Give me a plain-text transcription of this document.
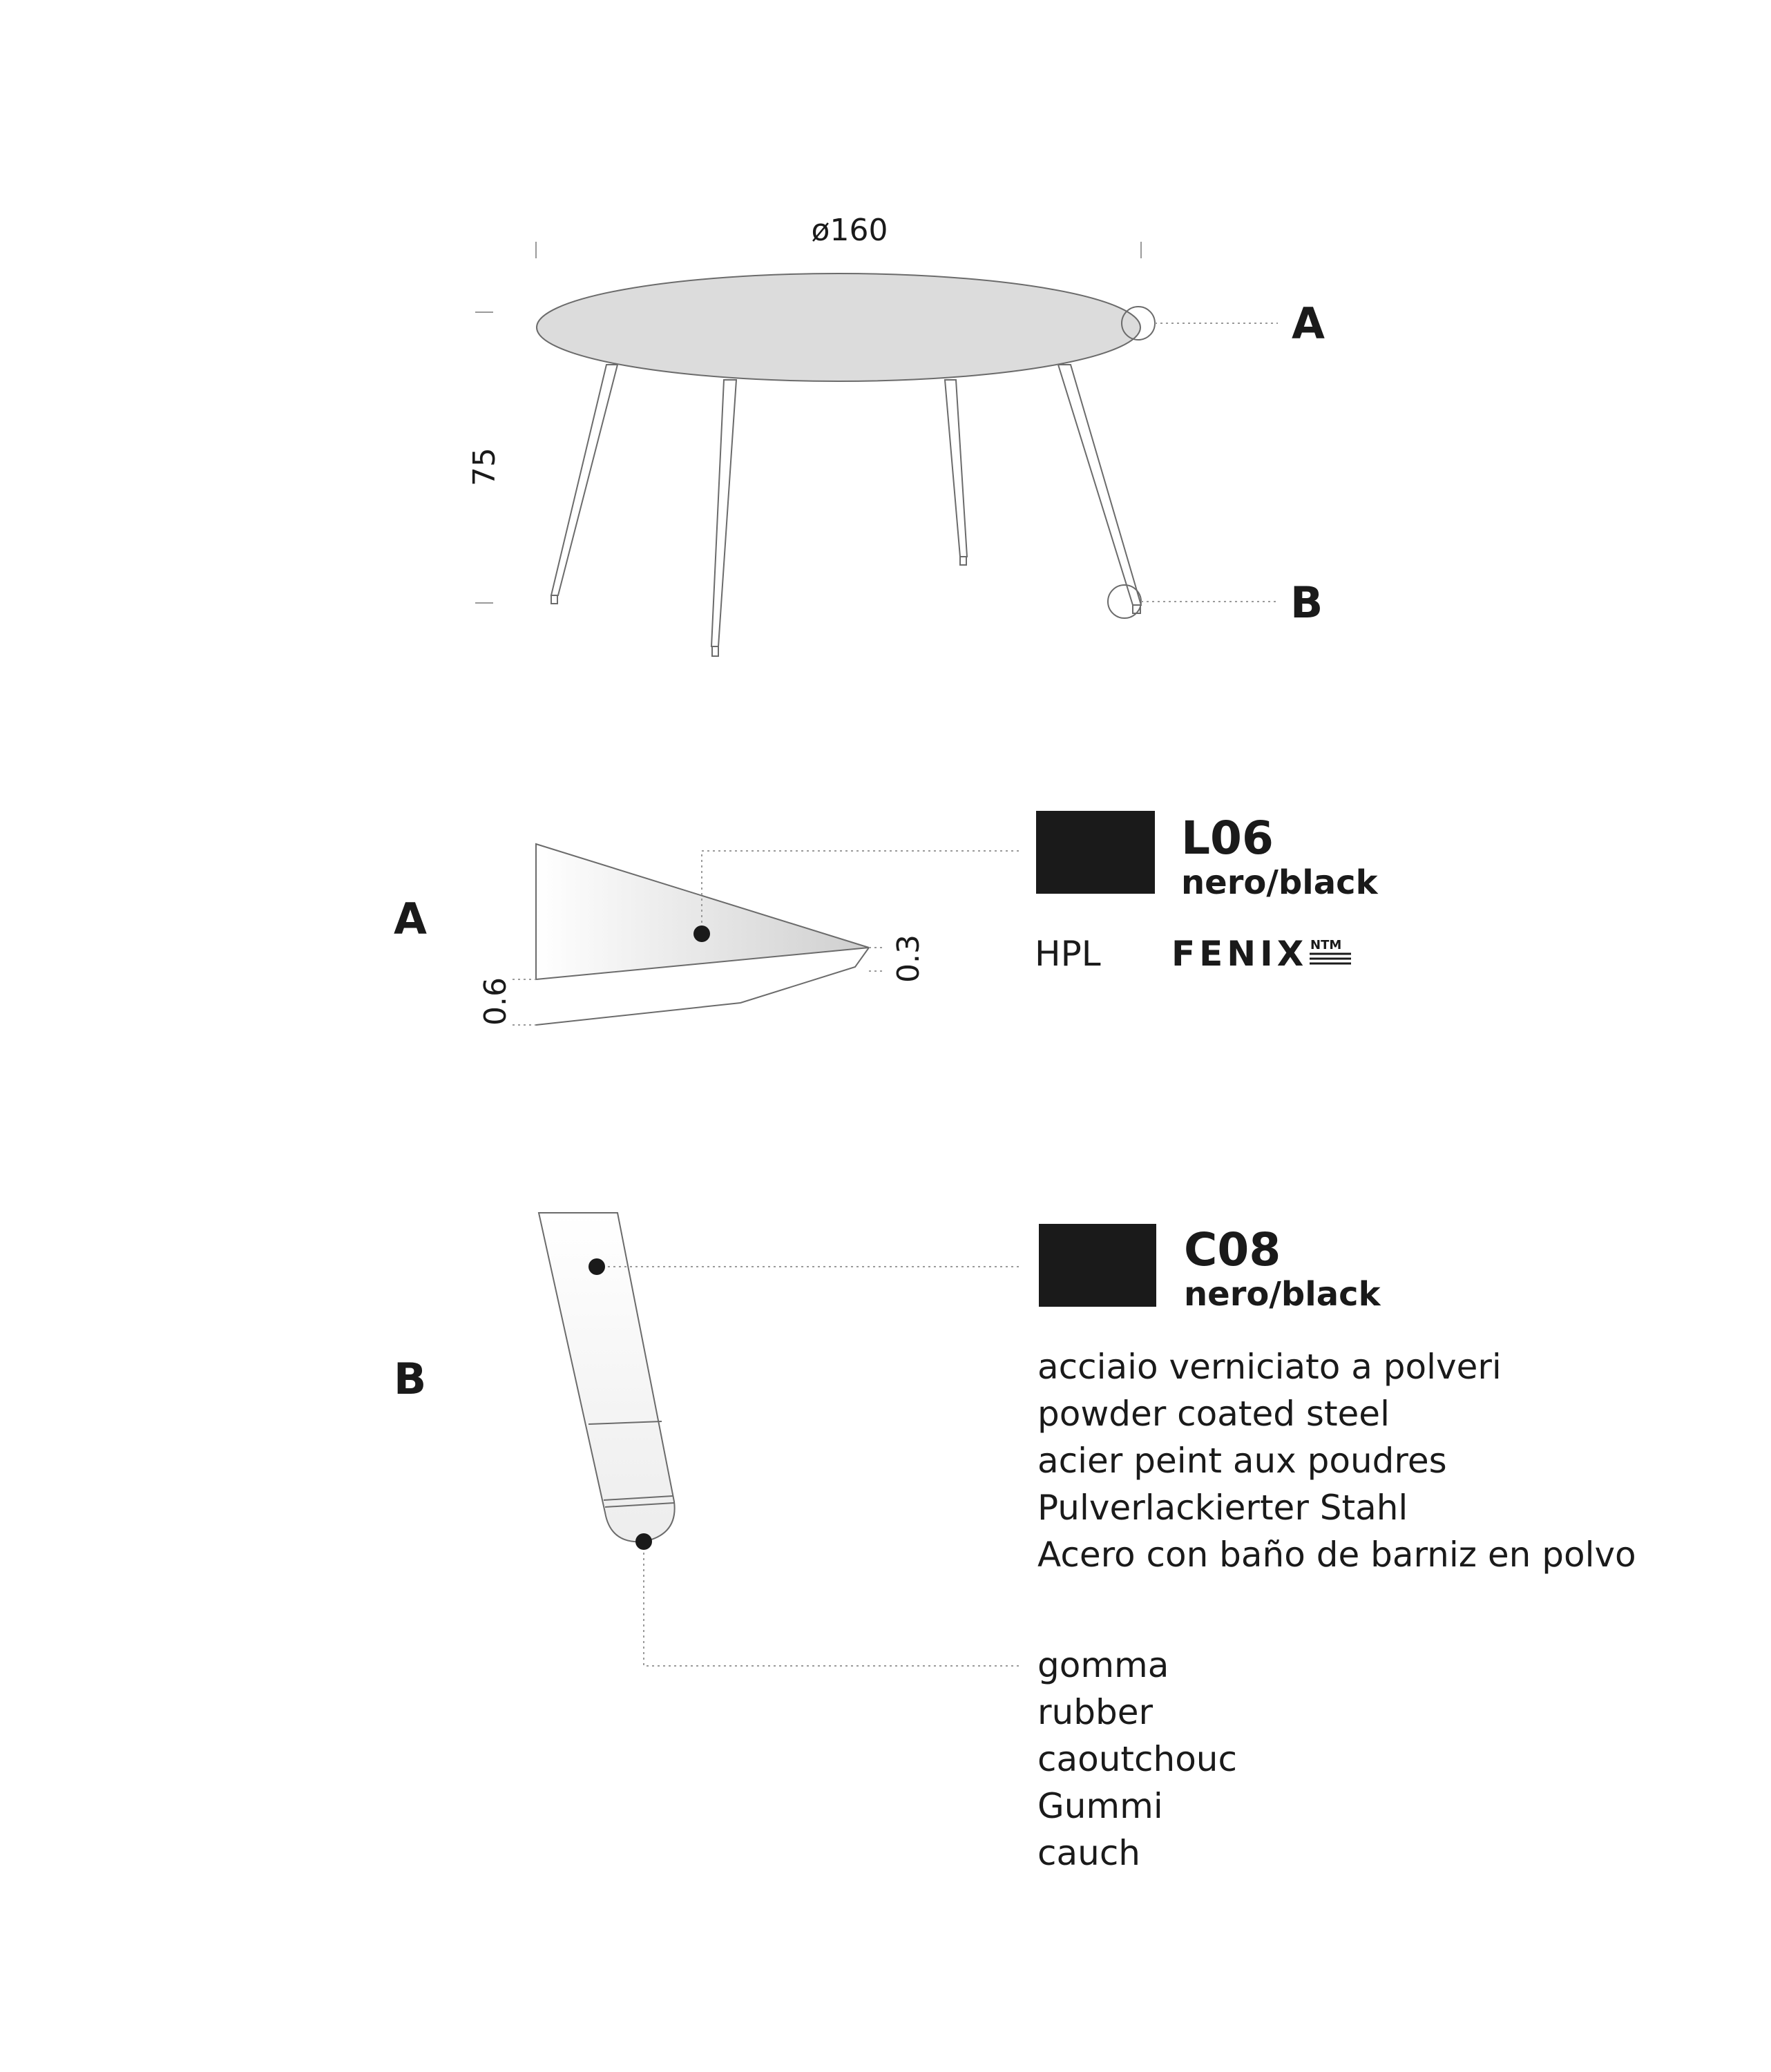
ø160
75
A
B
A
0.6
0.3
L06
nero/black
HPL FENIX NTM
B
C08
nero/black
acciaio verniciato a polveri
powder coated steel
acier peint aux poudres
Pulverlackierter Stahl
Acero con baño de barniz en polvo
gomma
rubber
caoutchouc
Gummi
cauch
